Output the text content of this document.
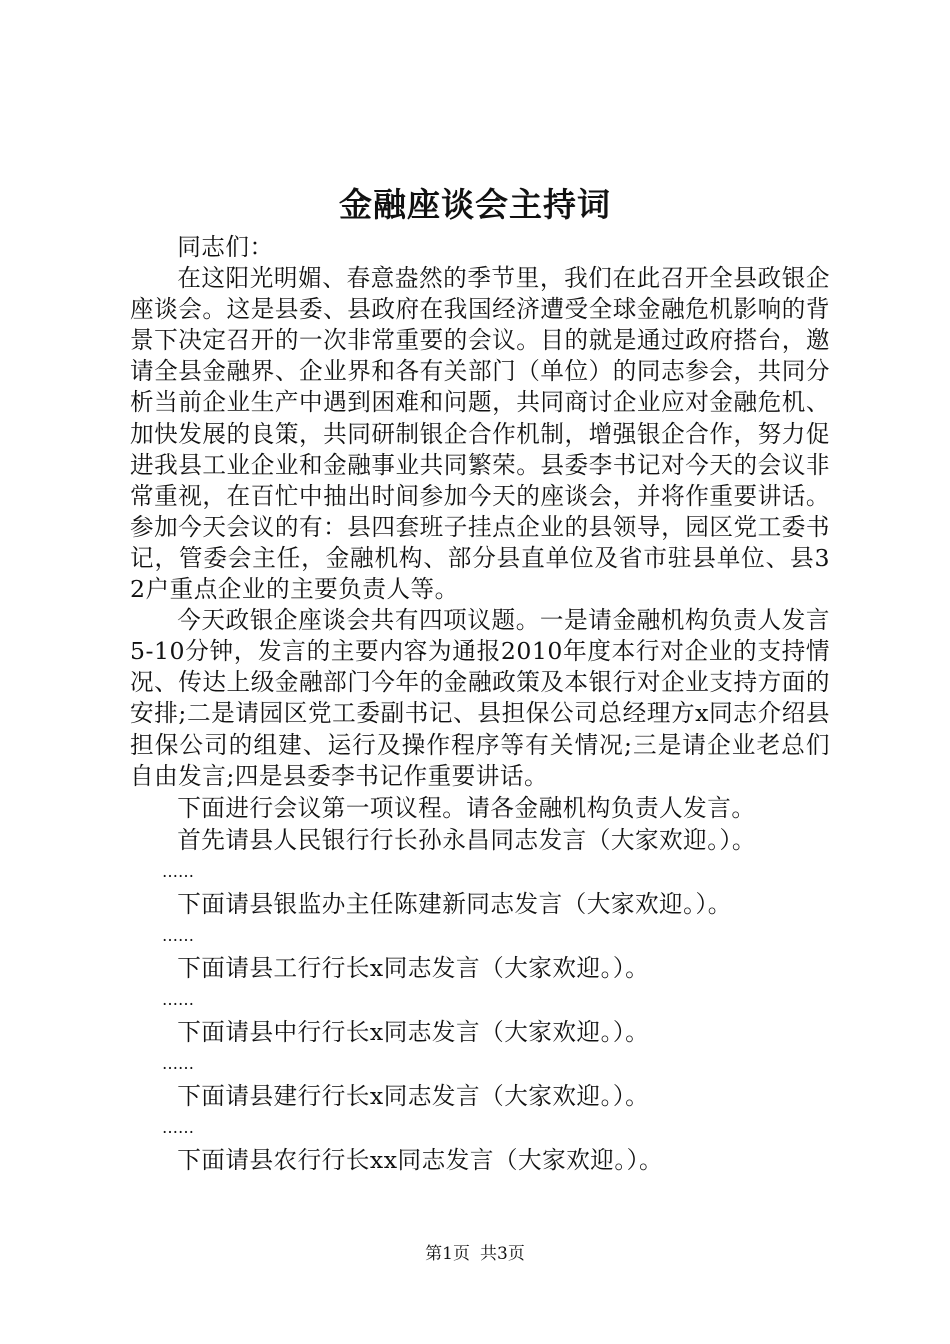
金融座谈会主持词

同志们：

在这阳光明媚、春意盎然的季节里，我们在此召开全县政银企座谈会。这是县委、县政府在我国经济遭受全球金融危机影响的背景下决定召开的一次非常重要的会议。目的就是通过政府搭台，邀请全县金融界、企业界和各有关部门（单位）的同志参会，共同分析当前企业生产中遇到困难和问题，共同商讨企业应对金融危机、加快发展的良策，共同研制银企合作机制，增强银企合作，努力促进我县工业企业和金融事业共同繁荣。县委李书记对今天的会议非常重视，在百忙中抽出时间参加今天的座谈会，并将作重要讲话。参加今天会议的有：县四套班子挂点企业的县领导，园区党工委书记，管委会主任，金融机构、部分县直单位及省市驻县单位、县32户重点企业的主要负责人等。

今天政银企座谈会共有四项议题。一是请金融机构负责人发言5-10分钟，发言的主要内容为通报2010年度本行对企业的支持情况、传达上级金融部门今年的金融政策及本银行对企业支持方面的安排;二是请园区党工委副书记、县担保公司总经理方x同志介绍县担保公司的组建、运行及操作程序等有关情况;三是请企业老总们自由发言;四是县委李书记作重要讲话。

下面进行会议第一项议程。请各金融机构负责人发言。

首先请县人民银行行长孙永昌同志发言（大家欢迎。）。

……

下面请县银监办主任陈建新同志发言（大家欢迎。）。

……

下面请县工行行长x同志发言（大家欢迎。）。

……

下面请县中行行长x同志发言（大家欢迎。）。

……

下面请县建行行长x同志发言（大家欢迎。）。

……

下面请县农行行长xx同志发言（大家欢迎。）。

第1页 共3页
